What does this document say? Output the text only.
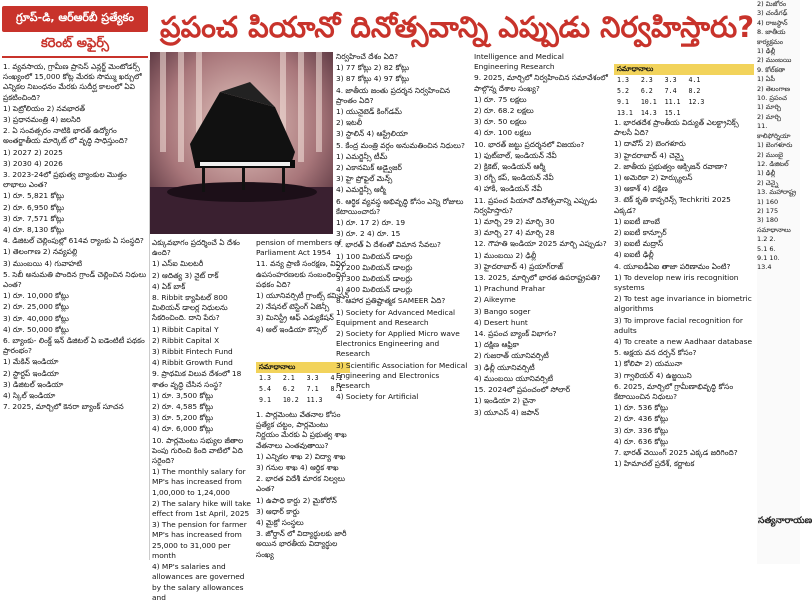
గ్రూప్-డి, ఆర్ఆర్‌బీ ప్రత్యేకం
కరెంట్ అఫైర్స్	ప్రపంచ పియానో దినోత్సవాన్ని ఎప్పుడు నిర్వహిస్తారు?

1. వ్యవసాయ, గ్రామీణ ప్రాసెస్ ఎన్లర్జ్ మెంటోడర్స్ సంఖ్యంలో 15,000 కోట్ల మేరకు సొమ్ము ఖర్చులో ఎన్నికల నిబంధనం మేరకు సుదీర్ఘ కాలంలో ఏవి ప్రకటించింది?

1) పెట్రోలియం 2) నవభారత్

3) ప్రధానమంత్రి 4) జలసిరి

2. ఏ సంవత్సరం నాటికి భారత్ ఉద్యోగం అంతర్జాతీయ మార్కెట్ లో వృద్ధి సాధిస్తుంది?

1) 2027 2) 2025

3) 2030 4) 2026

3. 2023-24లో ప్రభుత్వ బ్యాంకుల మొత్తం లాభాలు ఎంత?

1) రూ. 5,821 కోట్లు

2) రూ. 6,950 కోట్లు

3) రూ. 7,571 కోట్లు

4) రూ. 8,130 కోట్లు

4. డిజిటల్ చెల్లింపుల్లో 614వ ర్యాంకు ఏ సంస్థది?

1) తెలంగాణ 2) నవ్యపల్లి

3) ముంబయి 4) గువాహటి

5. సెబీ అనుమతి పొందిన గ్రాండ్ చెల్లించిన నిధులు ఎంత?

1) రూ. 10,000 కోట్లు

2) రూ. 25,000 కోట్లు

3) రూ. 40,000 కోట్లు

4) రూ. 50,000 కోట్లు

6. బ్యాంకు- లింక్డ్ ఇన్ డిజిటల్ ఏ ఐడెంటిటీ పథకం ప్రారంభం?

1) మేకిన్ ఇండియా

2) స్టార్టప్ ఇండియా

3) డిజిటల్ ఇండియా

4) స్కిల్ ఇండియా

7. 2025, మార్చిలో కెనరా బ్యాంక్ సూచన

ఎక్కువభాగం ప్రదర్శించే ఏ దేశం ఉంది?

1) ఎస్ఐ మిలటరీ

2) ఆదిత్య 3) నైట్ రాక్

4) ఏక్ బాక్

8. Ribbit క్యాపిటల్ 800 మిలియన్ డాలర్ల నిధులను సేకరించింది. దాని పేరు?

1) Ribbit Capital Y

2) Ribbit Capital X

3) Ribbit Fintech Fund

4) Ribbit Growth Fund

9. ప్రాథమిక విలువ దేశంలో 18 శాతం వృద్ధి చేసిన సంస్థ?

1) రూ. 3,500 కోట్లు

2) రూ. 4,585 కోట్లు

3) రూ. 5,200 కోట్లు

4) రూ. 6,000 కోట్లు

10. పార్లమెంటు సభ్యుల జీతాల పెంపు గురించి కింది వాటిలో ఏది సరైంది?

1) The monthly salary for MP's has increased from 1,00,000 to 1,24,000

2) The salary hike will take effect from 1st April, 2025

3) The pension for farmer MP's has increased from 25,000 to 31,000 per month

4) MP's salaries and allowances are governed by the salary allowances and

pension of members of Parliament Act 1954

11. వన్య ప్రాణి సంరక్షణ, వివిధ ఉపసంహరణలకు సంబంధించిన పథకం ఏది?

1) యూనివర్సిటీ గ్రాంట్స్ కమిషన్

2) నేషనల్ టెస్టింగ్ ఏజెన్సీ

3) మినిస్ట్రీ ఆఫ్ ఎడ్యుకేషన్

4) ఆల్ ఇండియా కౌన్సిల్

సమాధానాలు
1.3   2.1   3.3   4.1
5.4   6.2   7.1   8.1
9.1   10.2  11.3

1. పార్లమెంటు వేతనాల కోసం ప్రత్యేక చట్టం, పార్లమెంటు నిర్ణయం మేరకు ఏ ప్రభుత్వ శాఖ వేతనాలు ఎంతవుతాయి?

1) ఎన్నికల శాఖ 2) విద్యా శాఖ

3) గనుల శాఖ 4) ఆర్థిక శాఖ

2. భారత విదేశీ మారక నిల్వలు ఎంత?

1) ఉపాధి కార్డు 2) మైకోరోన్

3) ఆధార్ కార్డు

4) మైక్రో సంస్థలు

3. జోర్డాన్ లో విద్యార్థులకు జారీ అయిన భారతీయ విద్యార్థుల సంఖ్య

నిర్వహించే దేశం ఏది?

1) 77 కోట్లు 2) 82 కోట్లు

3) 87 కోట్లు 4) 97 కోట్లు

4. జాతీయ జంతు ప్రదర్శన నిర్వహించిన ప్రాంతం ఏది?

1) యునైటెడ్ కింగ్‌డమ్

2) ఇటలీ

3) స్టాలిన్ 4) ఆస్ట్రేలియా

5. కేంద్ర మంత్రి వర్గం అనుమతించిన నిధులు?

1) ఎమర్జెన్సీ టీమ్

2) ఎకానమిక్ అడ్వైజర్

3) హై ప్రోఫైల్ మెన్స్

4) ఎమర్జెన్సీ ఆర్మీ

6. ఆర్థిక వ్యవస్థ అభివృద్ధి కోసం ఎన్ని రోజులు కేటాయించారు?

1) రూ. 17 2) రూ. 19

3) రూ. 2 4) రూ. 15

7. భారత్ ఏ దేశంతో విమాన సేవలు?

1) 100 మిలియన్ డాలర్లు

2) 200 మిలియన్ డాలర్లు

3) 300 మిలియన్ డాలర్లు

4) 400 మిలియన్ డాలర్లు

8. ఆహార ప్రతిష్టాత్మక SAMEER ఏది?

1) Society for Advanced Medical Equipment and Research

2) Society for Applied Micro wave Electronics Engineering and Research

3) Scientific Association for Medical Engineering and Electronics Research

4) Society for Artificial

Intelligence and Medical Engineering Research

9. 2025, మార్చిలో నిర్వహించిన సమావేశంలో పాల్గొన్న దేశాల సంఖ్య?

1) రూ. 75 లక్షలు

2) రూ. 68.2 లక్షలు

3) రూ. 50 లక్షలు

4) రూ. 100 లక్షలు

10. భారత్ జట్టు ప్రదర్శనలో విజయం?

1) ఫుట్‌బాల్, ఇండియన్ నేవీ

2) క్రికెట్, ఇండియన్ ఆర్మీ

3) రగ్బీ కప్, ఇండియన్ నేవీ

4) హాకీ, ఇండియన్ నేవీ

11. ప్రపంచ పియానో దినోత్సవాన్ని ఎప్పుడు నిర్వహిస్తారు?

1) మార్చి 29 2) మార్చి 30

3) మార్చి 27 4) మార్చి 28

12. గౌహతి ఇండియా 2025 మార్చి ఎప్పుడు?

1) ముంబయి 2) ఢిల్లీ

3) హైదరాబాద్ 4) ప్రయాగ్‌రాజ్

13. 2025, మార్చిలో భారత ఉపరాష్ట్రపతి?

1) Prachund Prahar

2) Aikeyme

3) Bango soger

4) Desert hunt

14. ప్రపంచ బ్యాంక్ విభాగం?

1) దక్షిణ ఆఫ్రికా

2) గుజరాత్ యూనివర్సిటీ

3) ఢిల్లీ యూనివర్సిటీ

4) ముంబయి యూనివర్సిటీ

15. 2024లో ప్రపంచంలో సోలార్

1) ఇండియా 2) చైనా

3) యూఎస్ 4) జపాన్

సమాధానాలు
1.3   2.3   3.3   4.1
5.2   6.2   7.4   8.2
9.1   10.1  11.1  12.3
13.1  14.3  15.1

1. భారతదేశ ప్రాంతీయ విద్యుత్ ఎలక్ట్రానిక్స్ పాలసీ ఏది?

1) దావోస్ 2) బెంగళూరు

3) హైదరాబాద్ 4) చెన్నై

2. జాతీయ ప్రభుత్వం ఆక్సిజన్ రవాణా?

1) అమెరికా 2) హెర్క్యులస్

3) ఆకాశ్ 4) దక్షిణ

3. టెక్ కృతి కాన్ఫరెన్స్ Techkriti 2025 ఎక్కడ?

1) ఐఐటీ బాంబే

2) ఐఐటీ కాన్పూర్

3) ఐఐటీ మద్రాస్

4) ఐఐటీ ఢిల్లీ

4. యూఐడీఏఐ తాజా పరిణామం ఏంటి?

1) To develop new iris recognition systems

2) To test age invariance in biometric algorithms

3) To improve facial recognition for adults

4) To create a new Aadhaar database

5. అక్షయ వన దర్పన్ కోసం?

1) కోలిపా 2) యమునా

3) గ్వాలియర్ 4) ఉజ్జయిని

6. 2025, మార్చిలో గ్రామీణాభివృద్ధి కోసం కేటాయించిన నిధులు?

1) రూ. 536 కోట్లు

2) రూ. 436 కోట్లు

3) రూ. 336 కోట్లు

4) రూ. 636 కోట్లు

7. భారత్ వెయింగ్ 2025 ఎక్కడ జరిగింది?

1) హిమాచల్ ప్రదేశ్, కర్ణాటక

2) మిజోరం

3) చండీగఢ్

4) రాజస్థాన్

8. జాతీయ కార్యక్రమం

1) ఢిల్లీ

2) ముంబయి

9. కోల్‌కతా

1) ఏపీ

2) తెలంగాణ

10. ప్రపంచ

1) మార్చి

2) మార్చి

11. కాలిఫోర్నియా

1) బెంగళూరు

2) ముంబై

12. డిజిటల్

1) ఢిల్లీ

2) చెన్నై

13. మహారాష్ట్ర

1) 160

2) 175

3) 180

సమాధానాలు

1.2 2.

5.1 6.

9.1 10.

13.4

సత్యనారాయణ
